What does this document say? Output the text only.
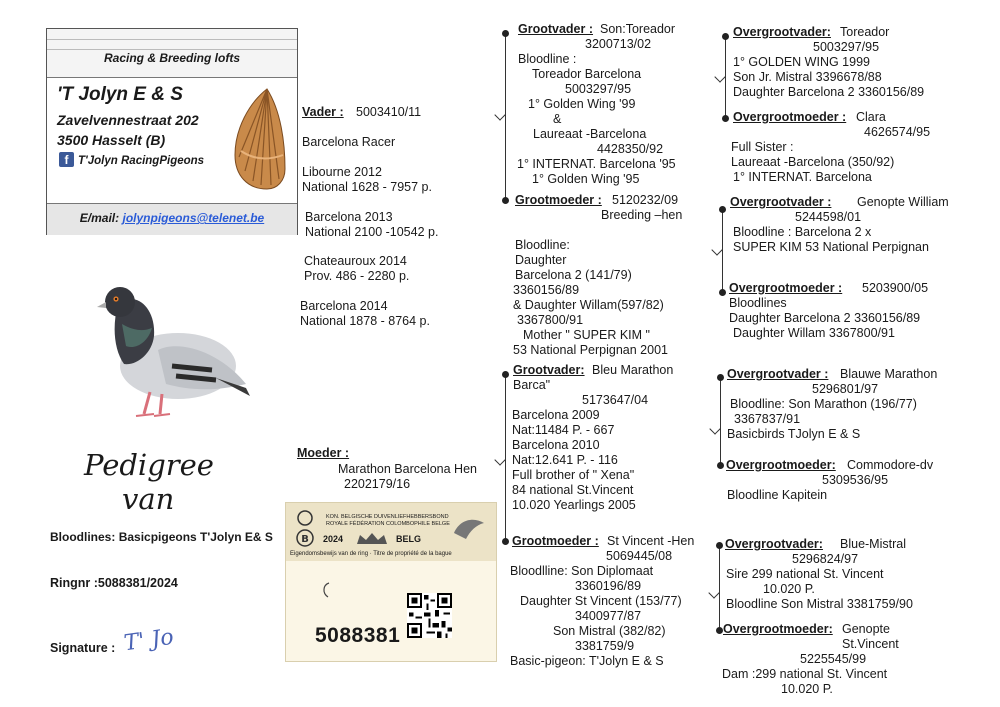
Racing & Breeding lofts
'T Jolyn E & S
Zavelvennestraat 202
3500 Hasselt (B)
f T'Jolyn RacingPigeons
E/mail: jolynpigeons@telenet.be
Pedigree
van
Bloodlines: Basicpigeons T'Jolyn E& S
Ringnr :5088381/2024
Signature : T' Jo
Vader : 5003410/11
Barcelona Racer
Libourne 2012
National 1628 - 7957 p.
Barcelona 2013
National 2100 -10542 p.
Chateauroux 2014
Prov. 486 - 2280 p.
Barcelona 2014
National 1878 - 8764 p.
Moeder :
Marathon Barcelona Hen
2202179/16
B
KON. BELGISCHE DUIVENLIEFHEBBERSBOND
ROYALE FÉDÉRATION COLOMBOPHILE BELGE
2024	BELG
Eigendomsbewijs van de ring · Titre de propriété de la bague
5088381
Grootvader : Son:Toreador
3200713/02
Bloodline :
Toreador Barcelona
5003297/95
1° Golden Wing '99
&
Laureaat -Barcelona
4428350/92
1° INTERNAT. Barcelona '95
1° Golden Wing '95
Grootmoeder : 5120232/09
Breeding –hen
Bloodline:
Daughter
Barcelona 2 (141/79)
3360156/89
& Daughter Willam(597/82)
3367800/91
Mother " SUPER KIM "
53 National Perpignan 2001
Grootvader: Bleu Marathon
Barca"
5173647/04
Barcelona 2009
Nat:11484 P. - 667
Barcelona 2010
Nat:12.641 P. - 116
Full brother of " Xena"
84 national St.Vincent
10.020 Yearlings 2005
Grootmoeder : St Vincent -Hen
5069445/08
Bloodlline: Son Diplomaat
3360196/89
Daughter St Vincent (153/77)
3400977/87
Son Mistral (382/82)
3381759/9
Basic-pigeon: T'Jolyn E & S
Overgrootvader: Toreador
5003297/95
1° GOLDEN WING 1999
Son Jr. Mistral 3396678/88
Daughter Barcelona 2 3360156/89
Overgrootmoeder : Clara
4626574/95
Full Sister :
Laureaat -Barcelona (350/92)
1° INTERNAT. Barcelona
Overgrootvader : Genopte William
5244598/01
Bloodline : Barcelona 2 x
SUPER KIM 53 National Perpignan
Overgrootmoeder : 5203900/05
Bloodlines
Daughter Barcelona 2 3360156/89
Daughter Willam 3367800/91
Overgrootvader : Blauwe Marathon
5296801/97
Bloodline: Son Marathon (196/77)
3367837/91
Basicbirds TJolyn E & S
Overgrootmoeder: Commodore-dv
5309536/95
Bloodline Kapitein
Overgrootvader: Blue-Mistral
5296824/97
Sire 299 national St. Vincent
10.020 P.
Bloodline Son Mistral 3381759/90
Overgrootmoeder: Genopte
St.Vincent
5225545/99
Dam :299 national St. Vincent
10.020 P.
